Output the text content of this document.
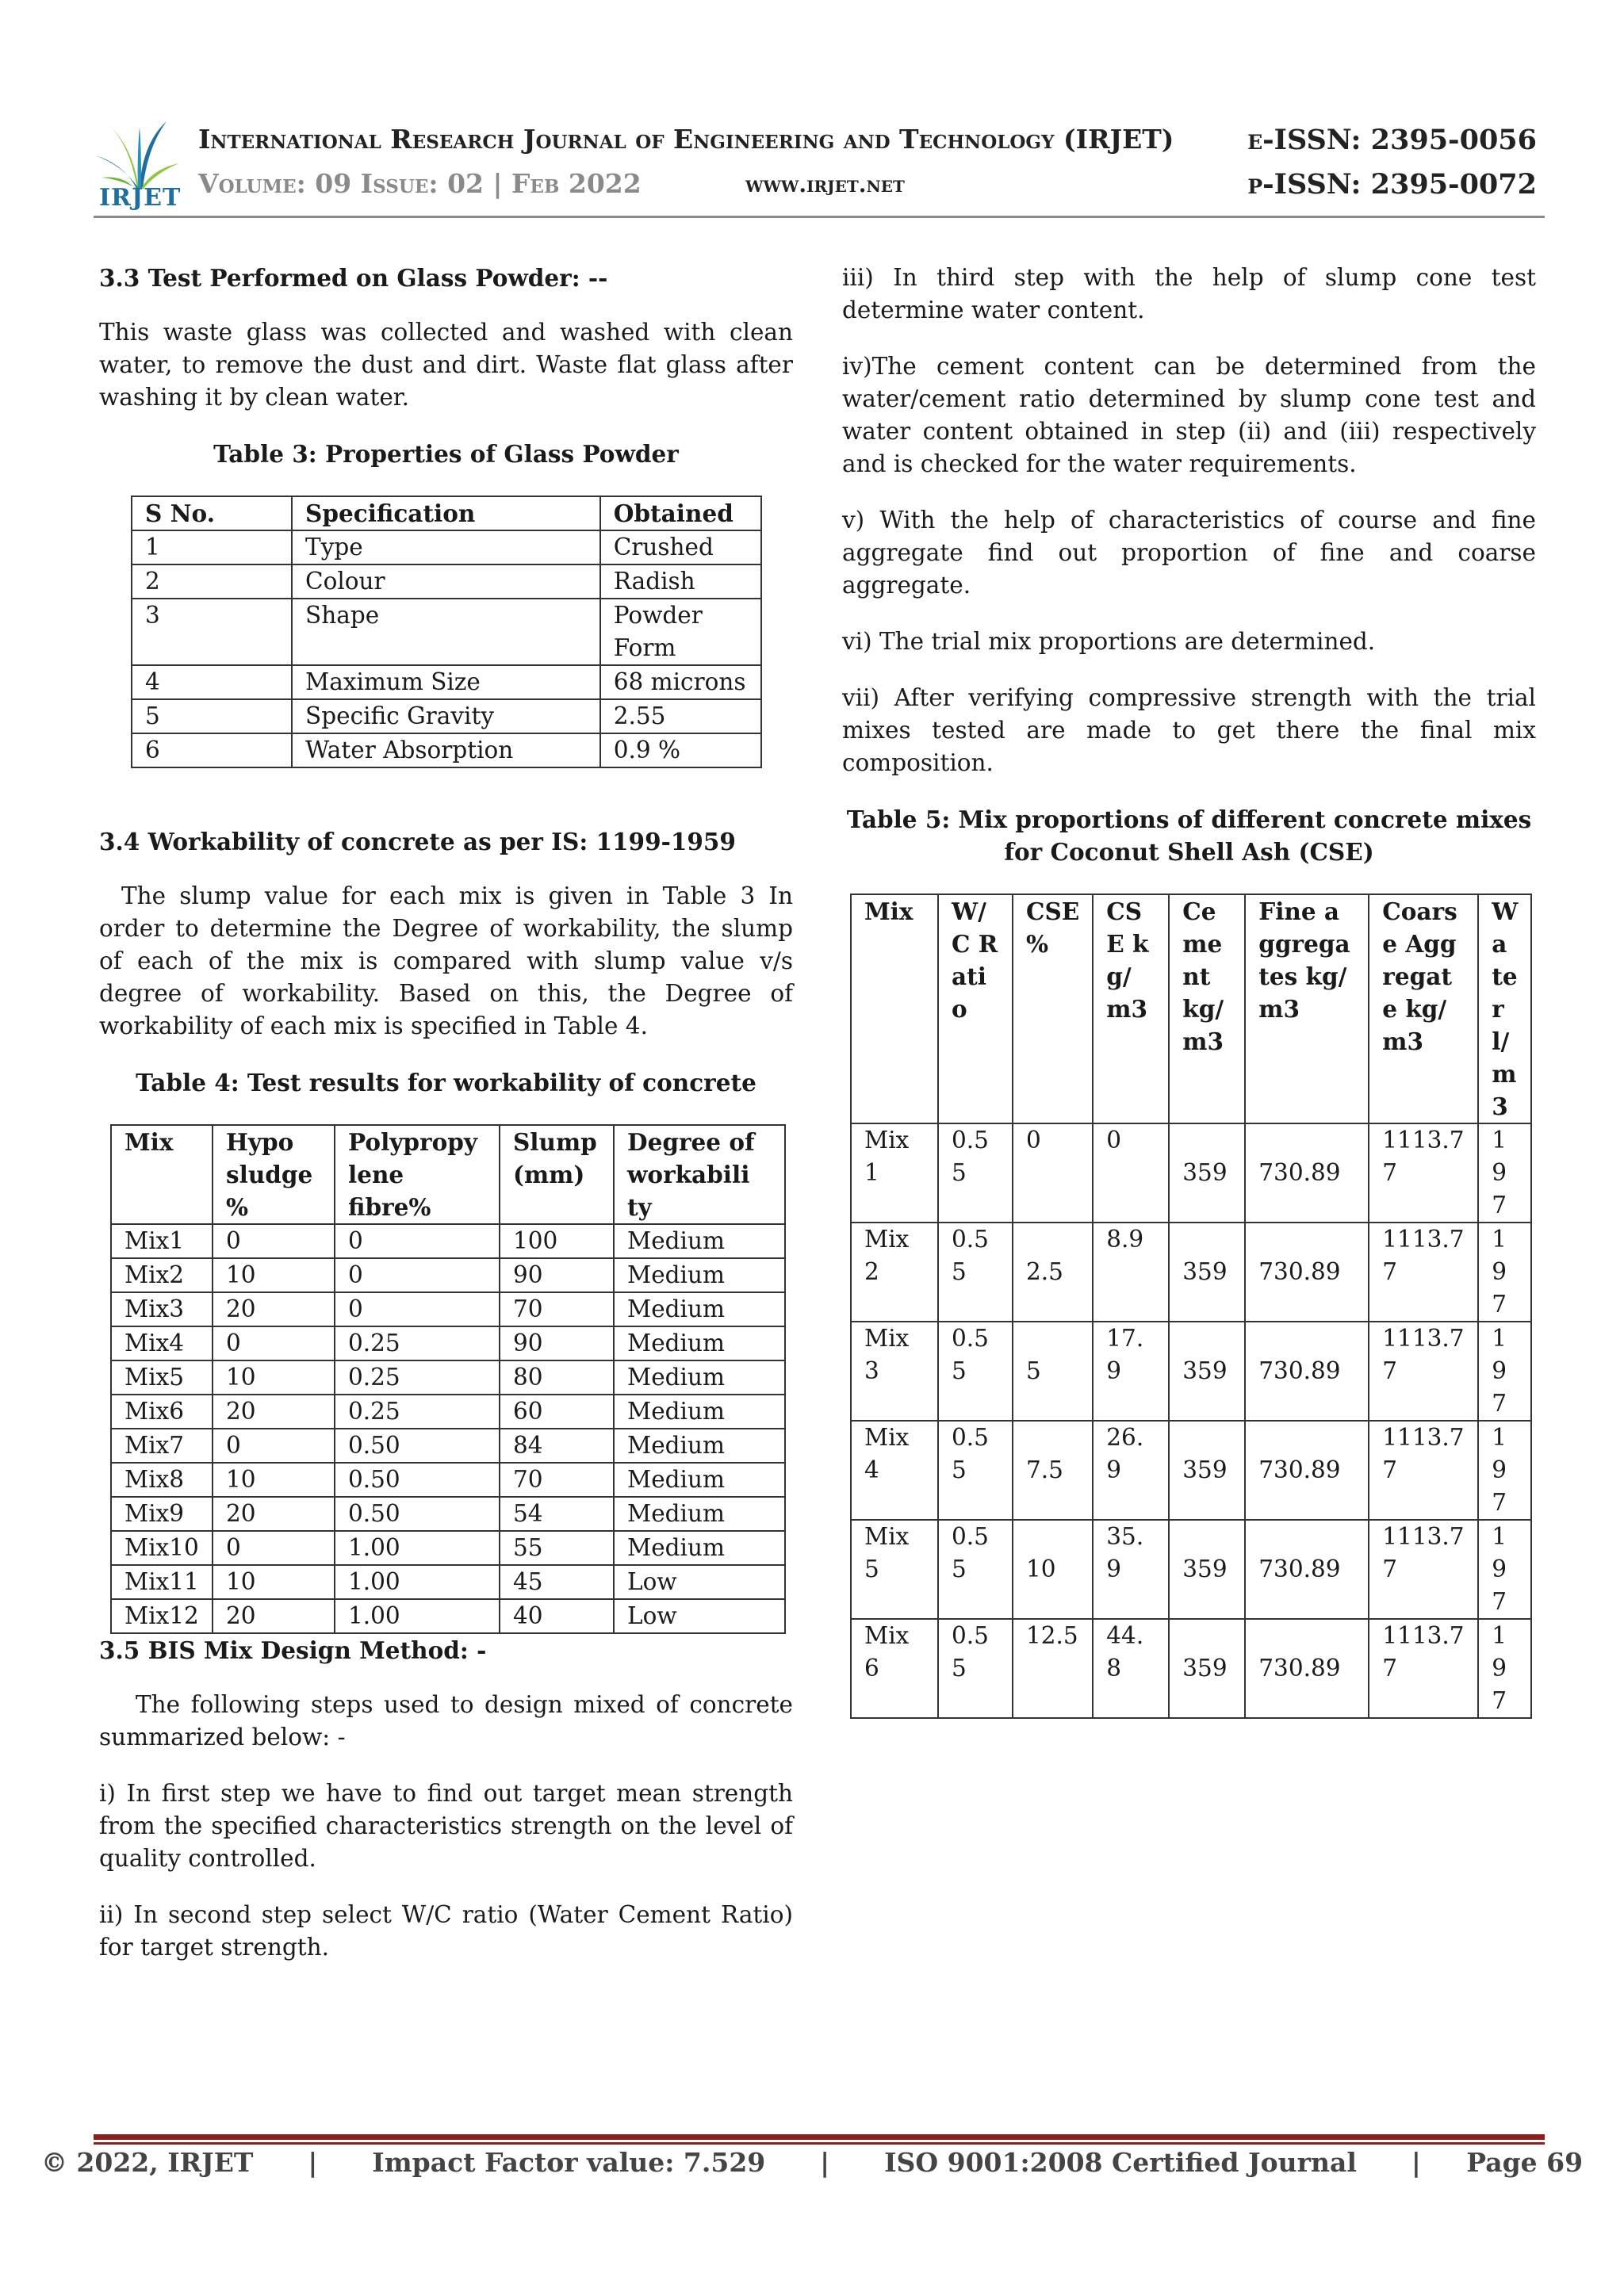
IRJET
International Research Journal of Engineering and Technology (IRJET)
Volume: 09 Issue: 02 | Feb 2022	www.irjet.net
e-ISSN: 2395-0056
p-ISSN: 2395-0072
3.3 Test Performed on Glass Powder: --

This waste glass was collected and washed with clean water, to remove the dust and dirt. Waste flat glass after washing it by clean water.

Table 3: Properties of Glass Powder
S No.	Specification	Obtained
1	Type	Crushed
2	Colour	Radish
3	Shape	Powder Form
4	Maximum Size	68 microns
5	Specific Gravity	2.55
6	Water Absorption	0.9 %
3.4 Workability of concrete as per IS: 1199-1959

The slump value for each mix is given in Table 3 In order to determine the Degree of workability, the slump of each of the mix is compared with slump value v/s degree of workability. Based on this, the Degree of workability of each mix is specified in Table 4.

Table 4: Test results for workability of concrete
Mix	Hypo sludge %	Polypropy lene fibre%	Slump (mm)	Degree of workabili ty
Mix1	0	0	100	Medium
Mix2	10	0	90	Medium
Mix3	20	0	70	Medium
Mix4	0	0.25	90	Medium
Mix5	10	0.25	80	Medium
Mix6	20	0.25	60	Medium
Mix7	0	0.50	84	Medium
Mix8	10	0.50	70	Medium
Mix9	20	0.50	54	Medium
Mix10	0	1.00	55	Medium
Mix11	10	1.00	45	Low
Mix12	20	1.00	40	Low
3.5 BIS Mix Design Method: -

The following steps used to design mixed of concrete summarized below: -

i) In first step we have to find out target mean strength from the specified characteristics strength on the level of quality controlled.

ii) In second step select W/C ratio (Water Cement Ratio) for target strength.

iii) In third step with the help of slump cone test determine water content.

iv)The cement content can be determined from the water/cement ratio determined by slump cone test and water content obtained in step (ii) and (iii) respectively and is checked for the water requirements.

v) With the help of characteristics of course and fine aggregate find out proportion of fine and coarse aggregate.

vi) The trial mix proportions are determined.

vii) After verifying compressive strength with the trial mixes tested are made to get there the final mix composition.

Table 5: Mix proportions of different concrete mixes for Coconut Shell Ash (CSE)
Mix	W/C Ratio	CSE %	CSE kg/m3	Cement kg/m3	Fine aggregates kg/m3	Coarse Aggregate kg/m3	Water l/m3
Mix 1	0.55	0	0	359	730.89	1113.77	197
Mix 2	0.55	2.5	8.9	359	730.89	1113.77	197
Mix 3	0.55	5	17.9	359	730.89	1113.77	197
Mix 4	0.55	7.5	26.9	359	730.89	1113.77	197
Mix 5	0.55	10	35.9	359	730.89	1113.77	197
Mix 6	0.55	12.5	44.8	359	730.89	1113.77	197
© 2022, IRJET      |      Impact Factor value: 7.529      |      ISO 9001:2008 Certified Journal      |     Page 69
